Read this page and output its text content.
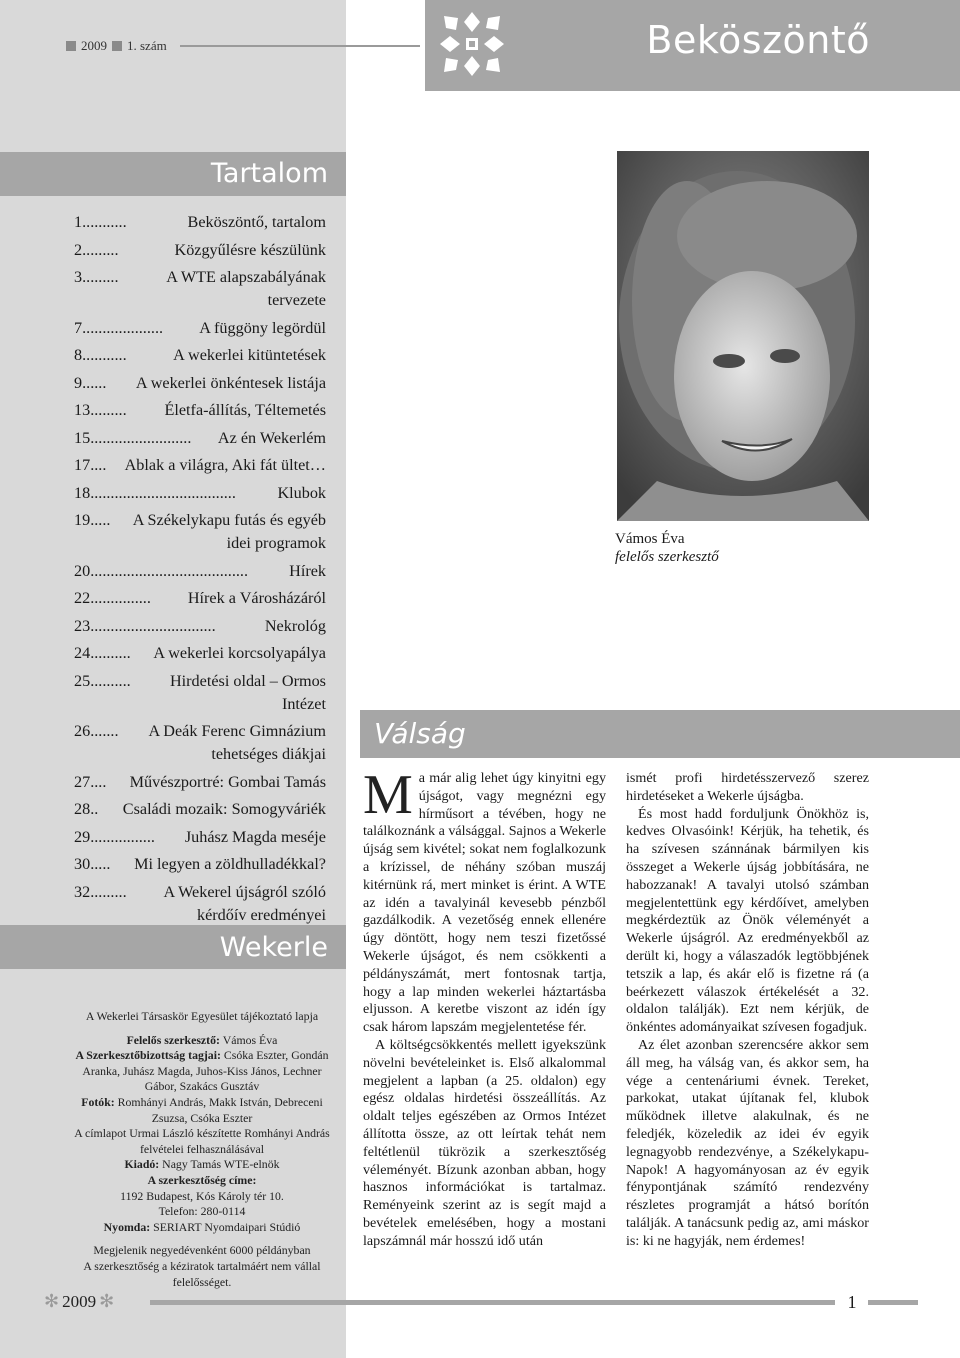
2009 1. szám	Beköszöntő
Tartalom
1 ...........	Beköszöntő, tartalom
2 .........	Közgyűlésre készülünk
3 .........	A WTE alapszabályának tervezete
7 ....................	A függöny legördül
8 ...........	A wekerlei kitüntetések
9 ......	A wekerlei önkéntesek listája
13 .........	Életfa-állítás, Téltemetés
15 .........................	Az én Wekerlém
17 ....	Ablak a világra, Aki fát ültet…
18 ....................................	Klubok
19 .....	A Székelykapu futás és egyéb idei programok
20 .......................................	Hírek
22 ...............	Hírek a Városházáról
23 ...............................	Nekrológ
24 ..........	A wekerlei korcsolyapálya
25 ..........	Hirdetési oldal – Ormos Intézet
26 .......	A Deák Ferenc Gimnázium tehetséges diákjai
27 ....	Művészportré: Gombai Tamás
28 ..	Családi mozaik: Somogyváriék
29 ................	Juhász Magda meséje
30 .....	Mi legyen a zöldhulladékkal?
32 .........	A Wekerel újságról szóló kérdőív eredményei
Wekerle
A Wekerlei Társaskör Egyesület tájékoztató lapja
Felelős szerkesztő: Vámos Éva
A Szerkesztőbizottság tagjai: Csóka Eszter, Gondán Aranka, Juhász Magda, Juhos-Kiss János, Lechner Gábor, Szakács Gusztáv
Fotók: Romhányi András, Makk István, Debreceni Zsuzsa, Csóka Eszter
A címlapot Urmai László készítette Romhányi András felvételei felhasználásával
Kiadó: Nagy Tamás WTE-elnök
A szerkesztőség címe:
1192 Budapest, Kós Károly tér 10.
Telefon: 280-0114
Nyomda: SERIART Nyomdaipari Stúdió
Megjelenik negyedévenként 6000 példányban
A szerkesztőség a kéziratok tartalmáért nem vállal felelősséget.
Vámos Éva
felelős szerkesztő
Válság

Ma már alig lehet úgy kinyitni egy újságot, vagy megnézni egy hírműsort a tévében, hogy ne találkoznánk a válsággal. Sajnos a Wekerle újság sem kivétel; sokat nem foglalkozunk a krízissel, de néhány szóban muszáj kitérnünk rá, mert minket is érint. A WTE az idén a tavalyinál kevesebb pénzből gazdálkodik. A vezetőség ennek ellenére úgy döntött, hogy nem teszi fizetőssé Wekerle újságot, és nem csökkenti a példányszámát, mert fontosnak tartja, hogy a lap minden wekerlei háztartásba eljusson. A keretbe viszont az idén így csak három lapszám megjelentetése fér.

A költségcsökkentés mellett igyekszünk növelni bevételeinket is. Első alkalommal megjelent a lapban (a 25. oldalon) egy egész oldalas hirdetési összeállítás. Az oldalt teljes egészében az Ormos Intézet állította össze, az ott leírtak tehát nem feltétlenül tükrözik a szerkesztőség véleményét. Bízunk azonban abban, hogy hasznos információkat is tartalmaz. Reményeink szerint az is segít majd a bevételek emelésében, hogy a mostani lapszámnál már hosszú idő után

ismét profi hirdetésszervező szerez hirdetéseket a Wekerle újságba.

És most hadd forduljunk Önökhöz is, kedves Olvasóink! Kérjük, ha tehetik, és ha szívesen szánnának bármilyen kis összeget a Wekerle újság jobbítására, ne habozzanak! A tavalyi utolsó számban megjelentettünk egy kérdőívet, amelyben megkérdeztük az Önök véleményét a Wekerle újságról. Az eredményekből az derült ki, hogy a válaszadók legtöbbjének tetszik a lap, és akár elő is fizetne rá (a beérkezett válaszok értékelését a 32. oldalon találják). Ezt nem kérjük, de önkéntes adományaikat szívesen fogadjuk.

Az élet azonban szerencsére akkor sem áll meg, ha válság van, és akkor sem, ha vége a centenáriumi évnek. Tereket, parkokat, utakat újítanak fel, klubok működnek illetve alakulnak, és ne feledjék, közeledik az idei év egyik legnagyobb rendezvénye, a Székelykapu-Napok! A hagyományosan az év egyik fénypontjának számító rendezvény részletes programját a hátsó borítón találják. A tanácsunk pedig az, ami máskor is: ki ne hagyják, nem érdemes!

✻ 2009 ✻	1
